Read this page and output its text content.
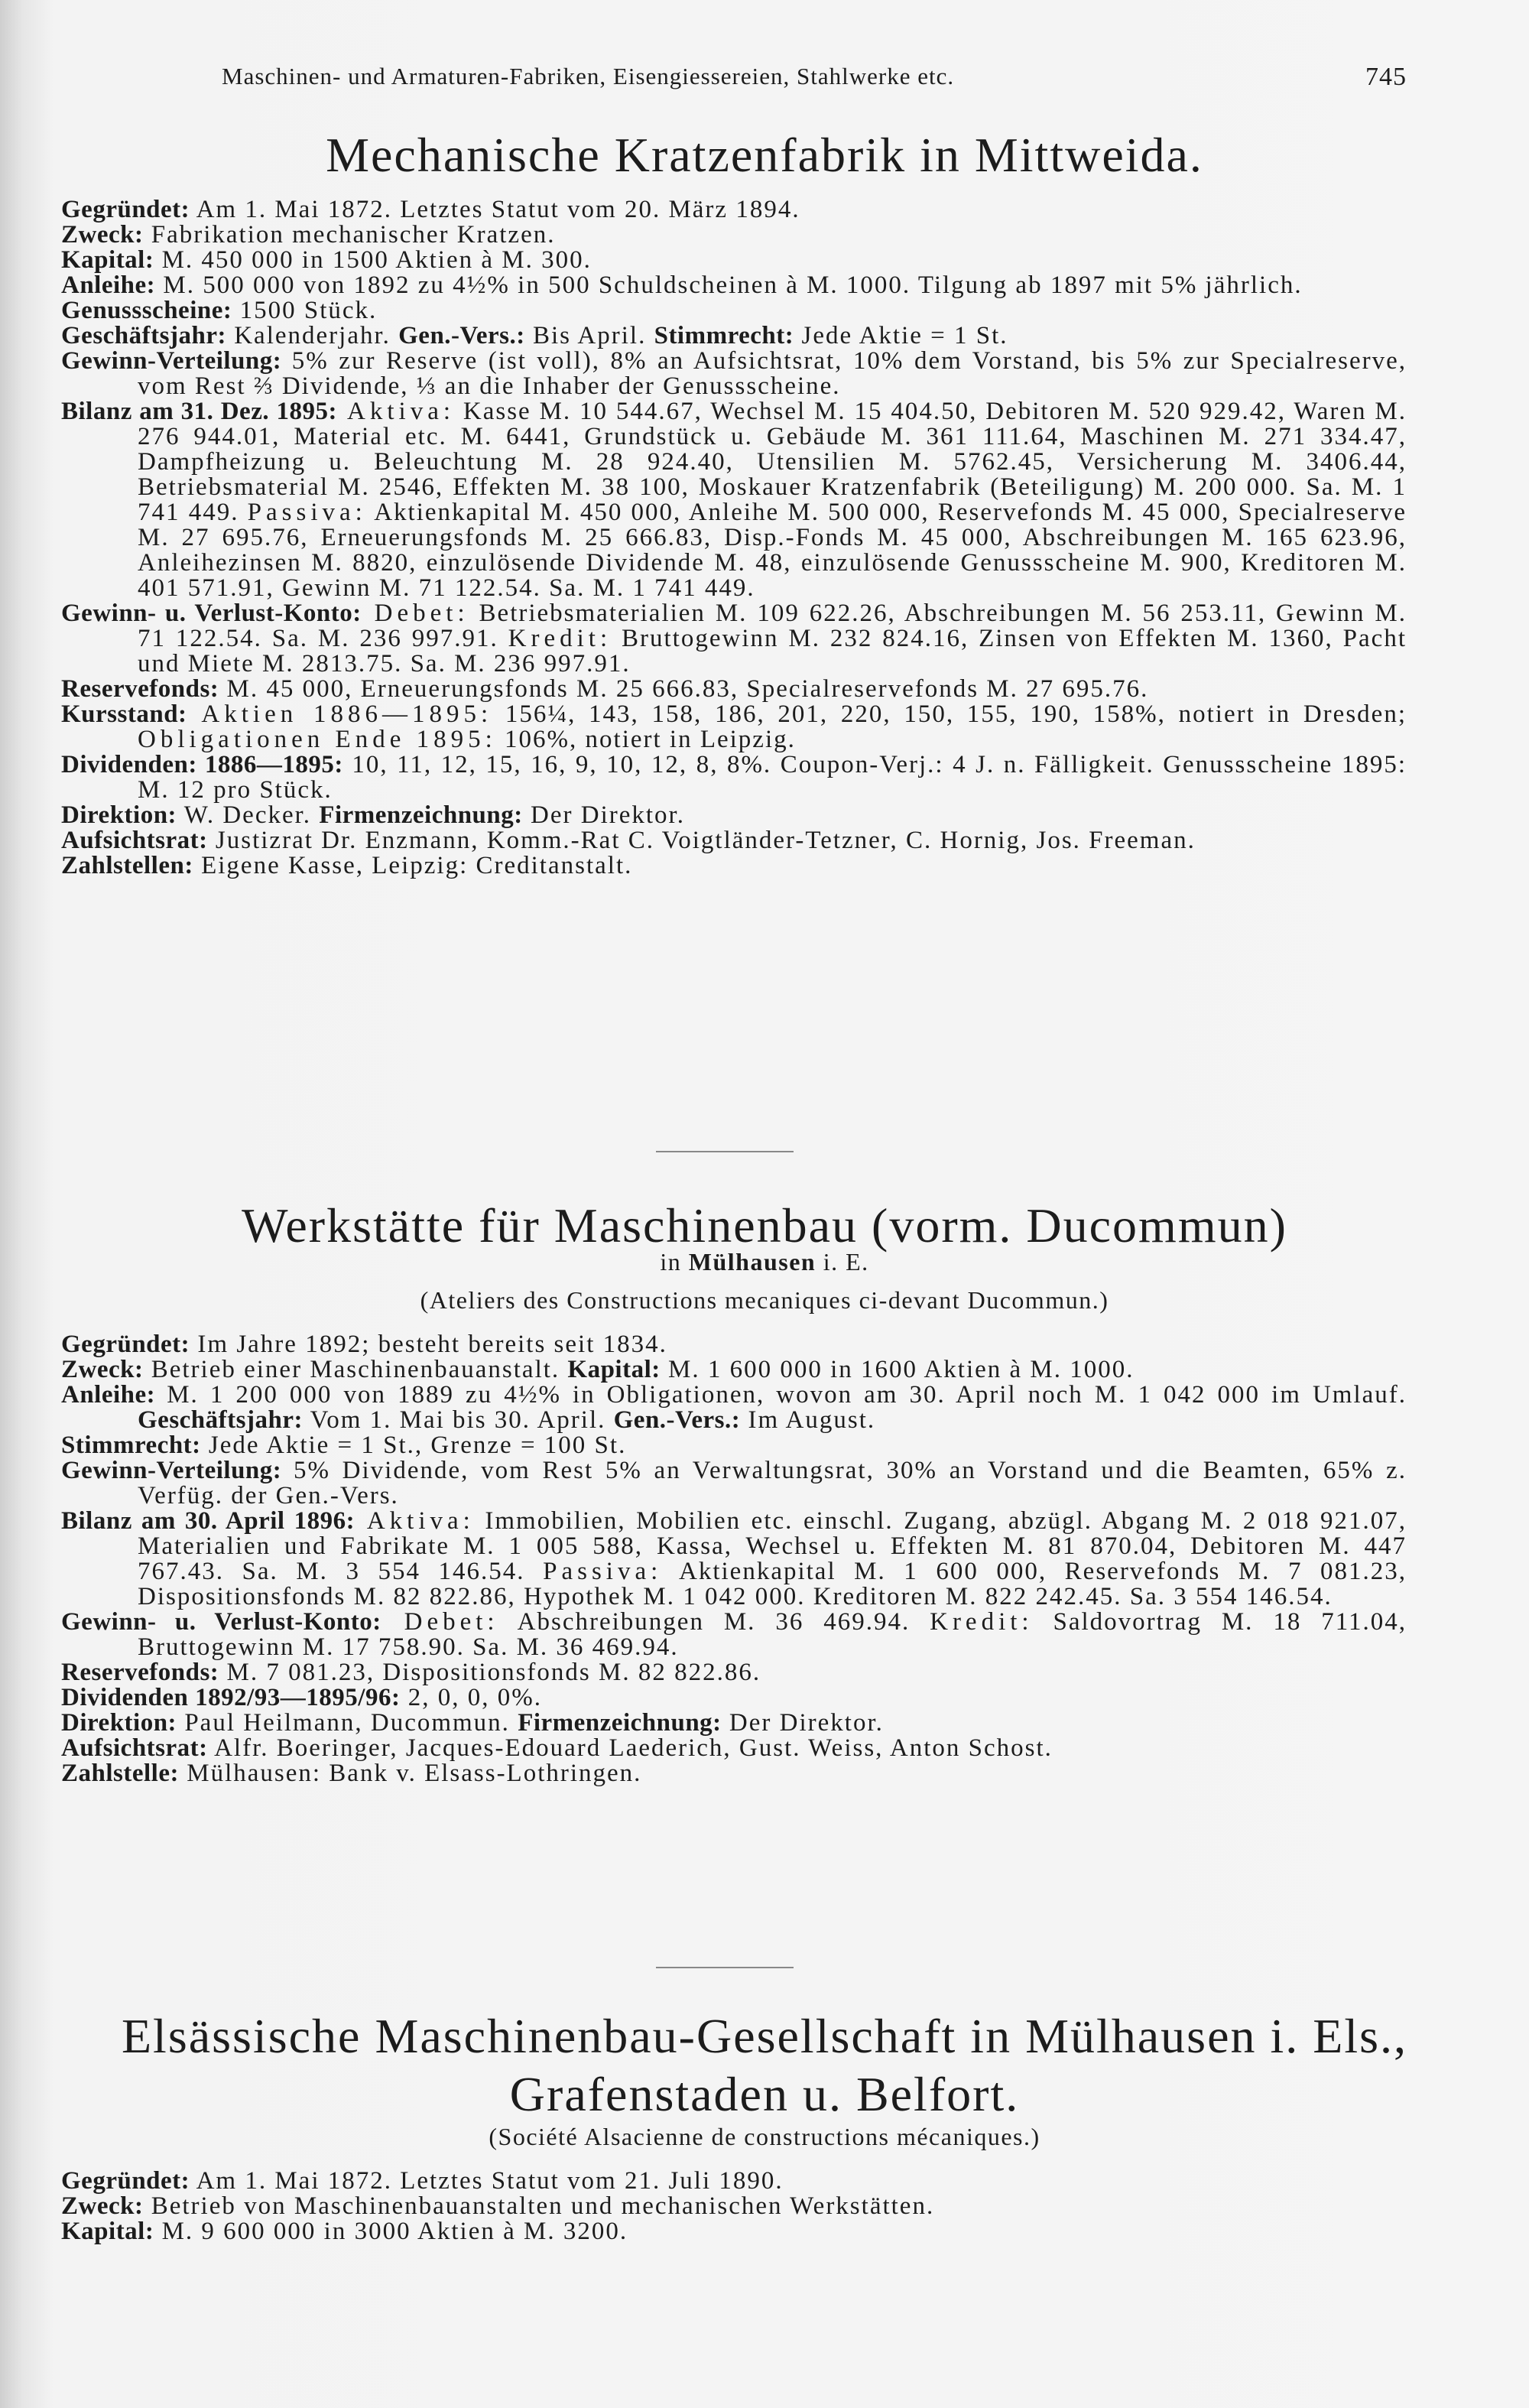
Maschinen- und Armaturen-Fabriken, Eisengiessereien, Stahlwerke etc.	745
Mechanische Kratzenfabrik in Mittweida.
Gegründet: Am 1. Mai 1872. Letztes Statut vom 20. März 1894.
Zweck: Fabrikation mechanischer Kratzen.
Kapital: M. 450 000 in 1500 Aktien à M. 300.
Anleihe: M. 500 000 von 1892 zu 4½% in 500 Schuldscheinen à M. 1000. Tilgung ab 1897 mit 5% jährlich.
Genussscheine: 1500 Stück.
Geschäftsjahr: Kalenderjahr. Gen.-Vers.: Bis April. Stimmrecht: Jede Aktie = 1 St.
Gewinn-Verteilung: 5% zur Reserve (ist voll), 8% an Aufsichtsrat, 10% dem Vorstand, bis 5% zur Specialreserve, vom Rest ⅔ Dividende, ⅓ an die Inhaber der Genussscheine.
Bilanz am 31. Dez. 1895: Aktiva: Kasse M. 10 544.67, Wechsel M. 15 404.50, Debitoren M. 520 929.42, Waren M. 276 944.01, Material etc. M. 6441, Grundstück u. Gebäude M. 361 111.64, Maschinen M. 271 334.47, Dampfheizung u. Beleuchtung M. 28 924.40, Utensilien M. 5762.45, Versicherung M. 3406.44, Betriebsmaterial M. 2546, Effekten M. 38 100, Moskauer Kratzenfabrik (Beteiligung) M. 200 000. Sa. M. 1 741 449. Passiva: Aktienkapital M. 450 000, Anleihe M. 500 000, Reservefonds M. 45 000, Specialreserve M. 27 695.76, Erneuerungsfonds M. 25 666.83, Disp.-Fonds M. 45 000, Abschreibungen M. 165 623.96, Anleihezinsen M. 8820, einzulösende Dividende M. 48, einzulösende Genussscheine M. 900, Kreditoren M. 401 571.91, Gewinn M. 71 122.54. Sa. M. 1 741 449.
Gewinn- u. Verlust-Konto: Debet: Betriebsmaterialien M. 109 622.26, Abschreibungen M. 56 253.11, Gewinn M. 71 122.54. Sa. M. 236 997.91. Kredit: Bruttogewinn M. 232 824.16, Zinsen von Effekten M. 1360, Pacht und Miete M. 2813.75. Sa. M. 236 997.91.
Reservefonds: M. 45 000, Erneuerungsfonds M. 25 666.83, Specialreservefonds M. 27 695.76.
Kursstand: Aktien 1886—1895: 156¼, 143, 158, 186, 201, 220, 150, 155, 190, 158%, notiert in Dresden; Obligationen Ende 1895: 106%, notiert in Leipzig.
Dividenden: 1886—1895: 10, 11, 12, 15, 16, 9, 10, 12, 8, 8%. Coupon-Verj.: 4 J. n. Fälligkeit. Genussscheine 1895: M. 12 pro Stück.
Direktion: W. Decker. Firmenzeichnung: Der Direktor.
Aufsichtsrat: Justizrat Dr. Enzmann, Komm.-Rat C. Voigtländer-Tetzner, C. Hornig, Jos. Freeman.
Zahlstellen: Eigene Kasse, Leipzig: Creditanstalt.
Werkstätte für Maschinenbau (vorm. Ducommun)
in Mülhausen i. E.
(Ateliers des Constructions mecaniques ci-devant Ducommun.)
Gegründet: Im Jahre 1892; besteht bereits seit 1834.
Zweck: Betrieb einer Maschinenbauanstalt. Kapital: M. 1 600 000 in 1600 Aktien à M. 1000.
Anleihe: M. 1 200 000 von 1889 zu 4½% in Obligationen, wovon am 30. April noch M. 1 042 000 im Umlauf. Geschäftsjahr: Vom 1. Mai bis 30. April. Gen.-Vers.: Im August.
Stimmrecht: Jede Aktie = 1 St., Grenze = 100 St.
Gewinn-Verteilung: 5% Dividende, vom Rest 5% an Verwaltungsrat, 30% an Vorstand und die Beamten, 65% z. Verfüg. der Gen.-Vers.
Bilanz am 30. April 1896: Aktiva: Immobilien, Mobilien etc. einschl. Zugang, abzügl. Abgang M. 2 018 921.07, Materialien und Fabrikate M. 1 005 588, Kassa, Wechsel u. Effekten M. 81 870.04, Debitoren M. 447 767.43. Sa. M. 3 554 146.54. Passiva: Aktienkapital M. 1 600 000, Reservefonds M. 7 081.23, Dispositionsfonds M. 82 822.86, Hypothek M. 1 042 000. Kreditoren M. 822 242.45. Sa. 3 554 146.54.
Gewinn- u. Verlust-Konto: Debet: Abschreibungen M. 36 469.94. Kredit: Saldovortrag M. 18 711.04, Bruttogewinn M. 17 758.90. Sa. M. 36 469.94.
Reservefonds: M. 7 081.23, Dispositionsfonds M. 82 822.86.
Dividenden 1892/93—1895/96: 2, 0, 0, 0%.
Direktion: Paul Heilmann, Ducommun. Firmenzeichnung: Der Direktor.
Aufsichtsrat: Alfr. Boeringer, Jacques-Edouard Laederich, Gust. Weiss, Anton Schost.
Zahlstelle: Mülhausen: Bank v. Elsass-Lothringen.
Elsässische Maschinenbau-Gesellschaft in Mülhausen i. Els.,
Grafenstaden u. Belfort.
(Société Alsacienne de constructions mécaniques.)
Gegründet: Am 1. Mai 1872. Letztes Statut vom 21. Juli 1890.
Zweck: Betrieb von Maschinenbauanstalten und mechanischen Werkstätten.
Kapital: M. 9 600 000 in 3000 Aktien à M. 3200.
